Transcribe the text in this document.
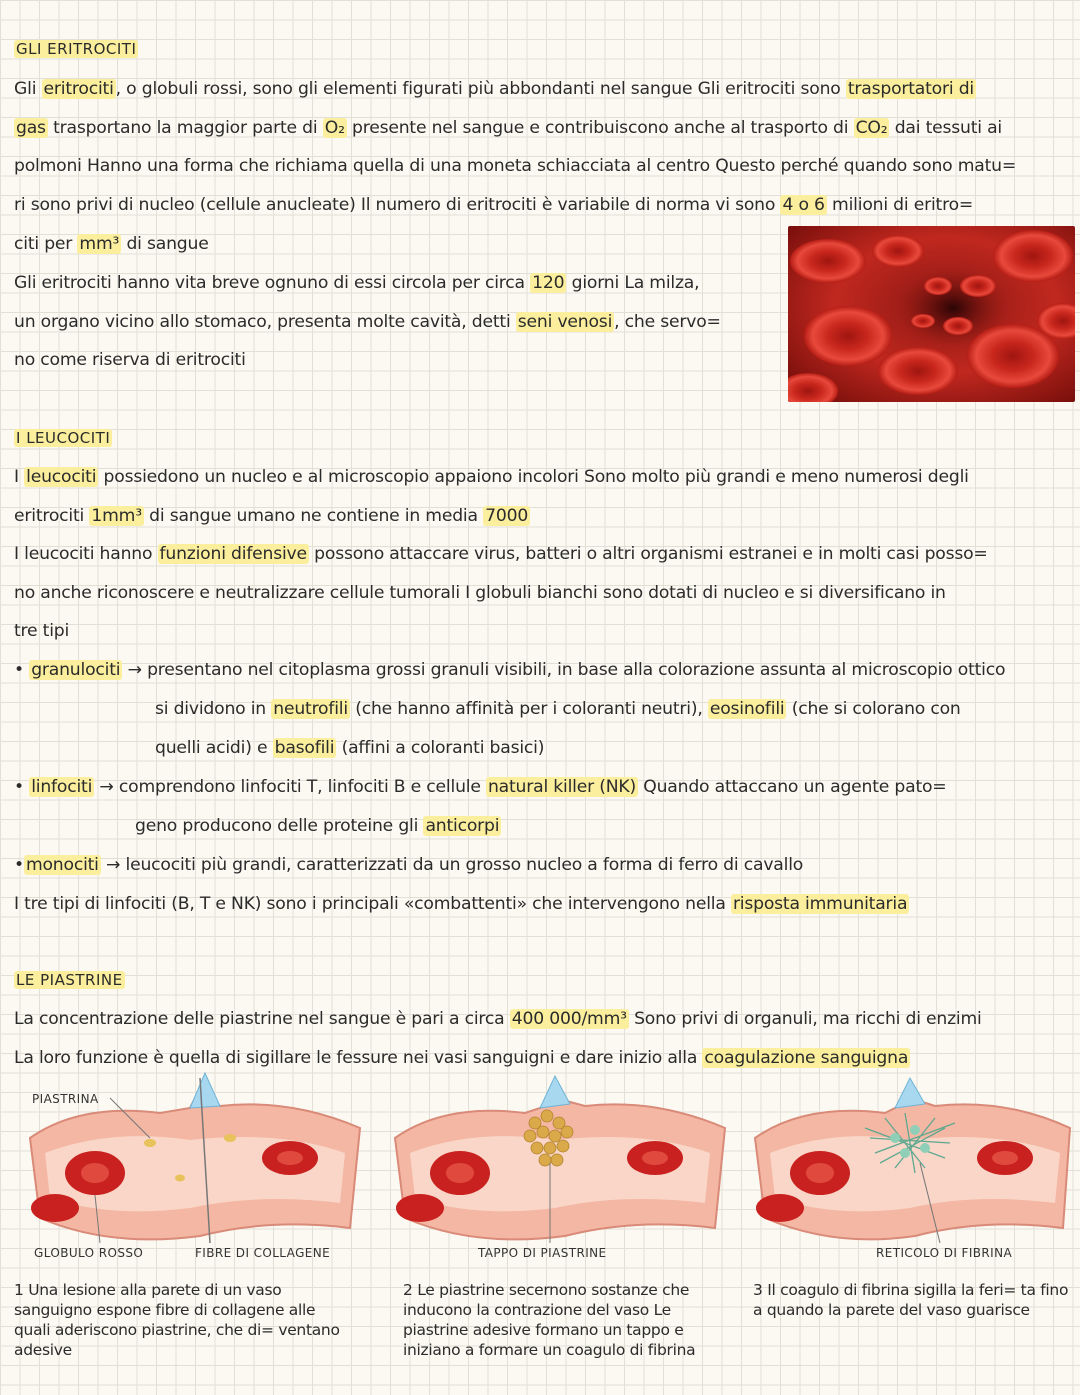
GLI ERITROCITI
Gli eritrociti , o globuli rossi, sono gli elementi figurati più abbondanti nel sangue Gli eritrociti sono trasportatori di
gas trasportano la maggior parte di O₂ presente nel sangue e contribuiscono anche al trasporto di CO₂ dai tessuti ai
polmoni Hanno una forma che richiama quella di una moneta schiacciata al centro Questo perché quando sono matu=
ri sono privi di nucleo (cellule anucleate) Il numero di eritrociti è variabile di norma vi sono 4 o 6 milioni di eritro=
citi per mm³ di sangue
Gli eritrociti hanno vita breve ognuno di essi circola per circa 120 giorni La milza,
un organo vicino allo stomaco, presenta molte cavità, detti seni venosi , che servo=
no come riserva di eritrociti
I LEUCOCITI
I leucociti possiedono un nucleo e al microscopio appaiono incolori Sono molto più grandi e meno numerosi degli
eritrociti 1mm³ di sangue umano ne contiene in media 7000
I leucociti hanno funzioni difensive possono attaccare virus, batteri o altri organismi estranei e in molti casi posso=
no anche riconoscere e neutralizzare cellule tumorali I globuli bianchi sono dotati di nucleo e si diversificano in
tre tipi
• granulociti → presentano nel citoplasma grossi granuli visibili, in base alla colorazione assunta al microscopio ottico
si dividono in neutrofili (che hanno affinità per i coloranti neutri), eosinofili (che si colorano con
quelli acidi) e basofili (affini a coloranti basici)
• linfociti → comprendono linfociti T, linfociti B e cellule natural killer (NK) Quando attaccano un agente pato=
geno producono delle proteine gli anticorpi
• monociti → leucociti più grandi, caratterizzati da un grosso nucleo a forma di ferro di cavallo
I tre tipi di linfociti (B, T e NK) sono i principali «combattenti» che intervengono nella risposta immunitaria
LE PIASTRINE
La concentrazione delle piastrine nel sangue è pari a circa 400 000/mm³ Sono privi di organuli, ma ricchi di enzimi
La loro funzione è quella di sigillare le fessure nei vasi sanguigni e dare inizio alla coagulazione sanguigna
PIASTRINA
GLOBULO ROSSO	FIBRE DI COLLAGENE	TAPPO DI PIASTRINE	RETICOLO DI FIBRINA
1 Una lesione alla parete di un vaso sanguigno espone fibre di collagene alle quali aderiscono piastrine, che di= ventano adesive
2 Le piastrine secernono sostanze che inducono la contrazione del vaso Le piastrine adesive formano un tappo e iniziano a formare un coagulo di fibrina
3 Il coagulo di fibrina sigilla la feri= ta fino a quando la parete del vaso guarisce
